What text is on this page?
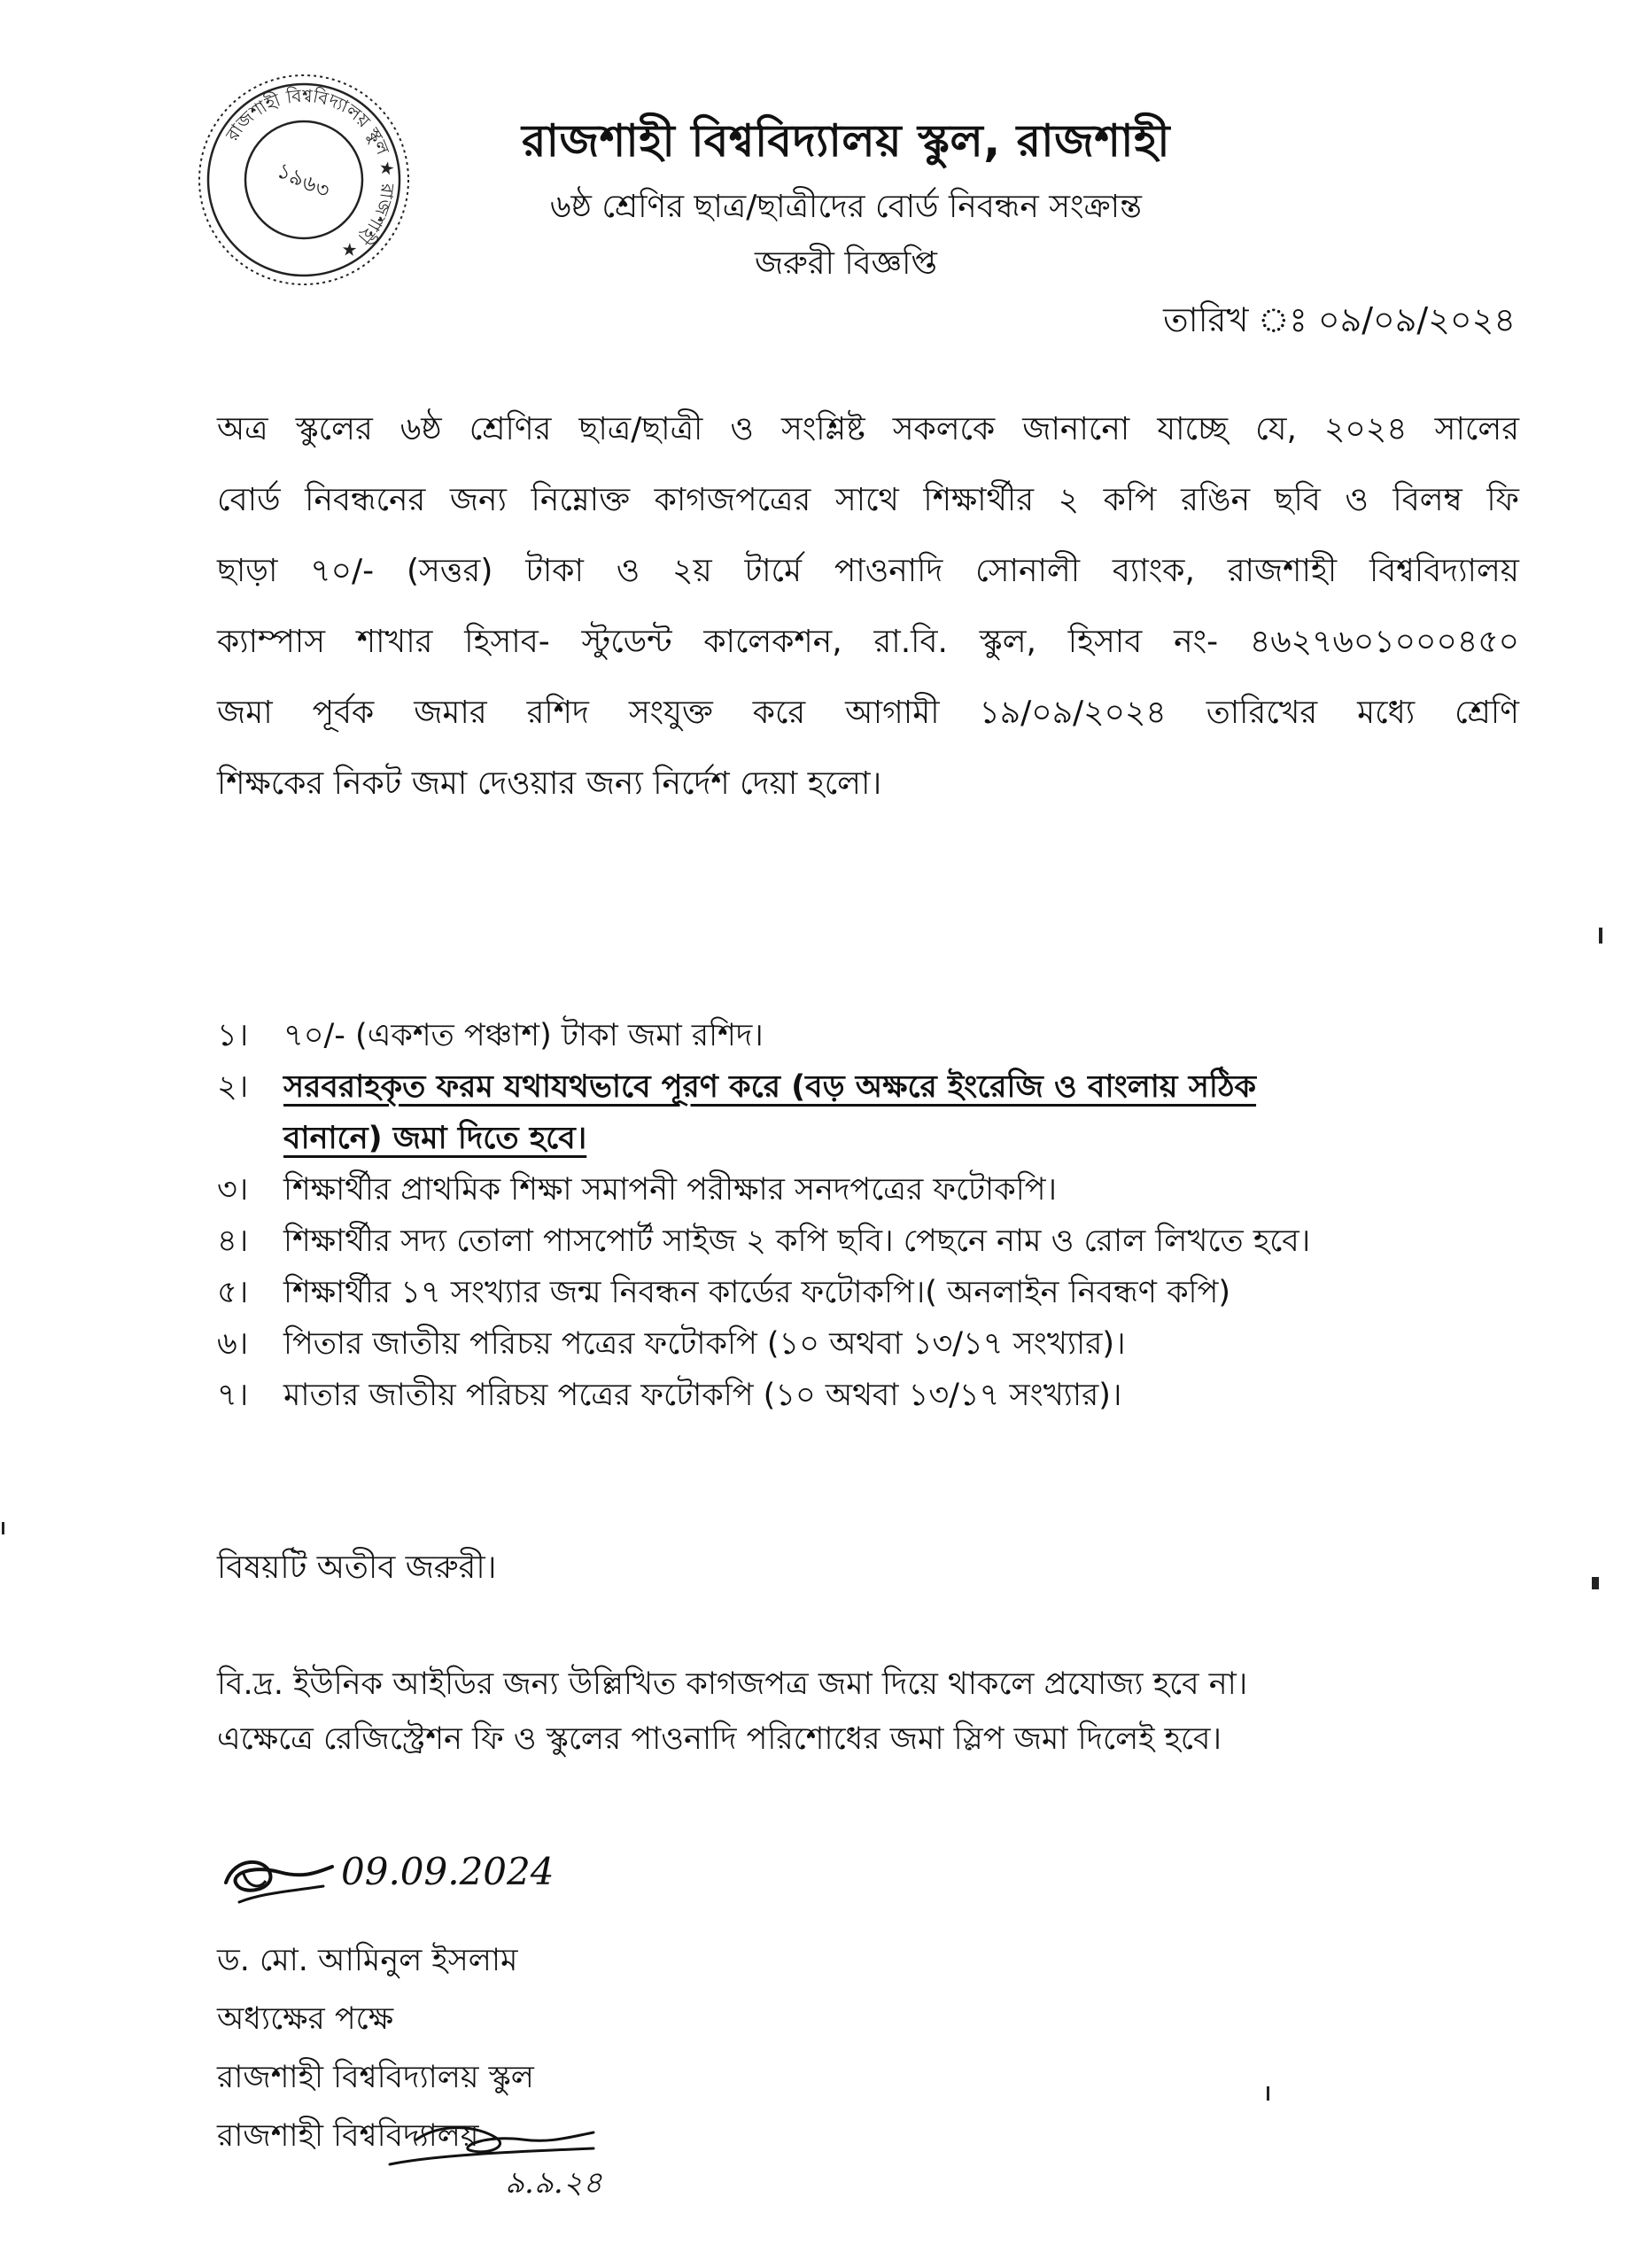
রাজশাহী বিশ্ববিদ্যালয় স্কুল ★ রাজশাহী ★
১৯৬৩
রাজশাহী বিশ্ববিদ্যালয় স্কুল, রাজশাহী
৬ষ্ঠ শ্রেণির ছাত্র/ছাত্রীদের বোর্ড নিবন্ধন সংক্রান্ত
জরুরী বিজ্ঞপ্তি
তারিখ ঃ ০৯/০৯/২০২৪
অত্র স্কুলের ৬ষ্ঠ শ্রেণির ছাত্র/ছাত্রী ও সংশ্লিষ্ট সকলকে জানানো যাচ্ছে যে, ২০২৪ সালের
বোর্ড নিবন্ধনের জন্য নিম্নোক্ত কাগজপত্রের সাথে শিক্ষার্থীর ২ কপি রঙিন ছবি ও বিলম্ব ফি
ছাড়া ৭০/- (সত্তর) টাকা ও ২য় টার্মে পাওনাদি সোনালী ব্যাংক, রাজশাহী বিশ্ববিদ্যালয়
ক্যাম্পাস শাখার হিসাব- স্টুডেন্ট কালেকশন, রা.বি. স্কুল, হিসাব নং- ৪৬২৭৬০১০০০৪৫০
জমা পূর্বক জমার রশিদ সংযুক্ত করে আগামী ১৯/০৯/২০২৪ তারিখের মধ্যে শ্রেণি
শিক্ষকের নিকট জমা দেওয়ার জন্য নির্দেশ দেয়া হলো।
১।	৭০/- (একশত পঞ্চাশ) টাকা জমা রশিদ।
২।	সরবরাহকৃত ফরম যথাযথভাবে পূরণ করে (বড় অক্ষরে ইংরেজি ও বাংলায় সঠিক
বানানে) জমা দিতে হবে।
৩।	শিক্ষার্থীর প্রাথমিক শিক্ষা সমাপনী পরীক্ষার সনদপত্রের ফটোকপি।
৪।	শিক্ষার্থীর সদ্য তোলা পাসপোর্ট সাইজ ২ কপি ছবি। পেছনে নাম ও রোল লিখতে হবে।
৫।	শিক্ষার্থীর ১৭ সংখ্যার জন্ম নিবন্ধন কার্ডের ফটোকপি।( অনলাইন নিবন্ধণ কপি)
৬।	পিতার জাতীয় পরিচয় পত্রের ফটোকপি (১০ অথবা ১৩/১৭ সংখ্যার)।
৭।	মাতার জাতীয় পরিচয় পত্রের ফটোকপি (১০ অথবা ১৩/১৭ সংখ্যার)।
বিষয়টি অতীব জরুরী।
বি.দ্র. ইউনিক আইডির জন্য উল্লিখিত কাগজপত্র জমা দিয়ে থাকলে প্রযোজ্য হবে না।
এক্ষেত্রে রেজিস্ট্রেশন ফি ও স্কুলের পাওনাদি পরিশোধের জমা স্লিপ জমা দিলেই হবে।
09.09.2024
ড. মো. আমিনুল ইসলাম
অধ্যক্ষের পক্ষে
রাজশাহী বিশ্ববিদ্যালয় স্কুল
রাজশাহী বিশ্ববিদ্যালয়
৯.৯.২৪
